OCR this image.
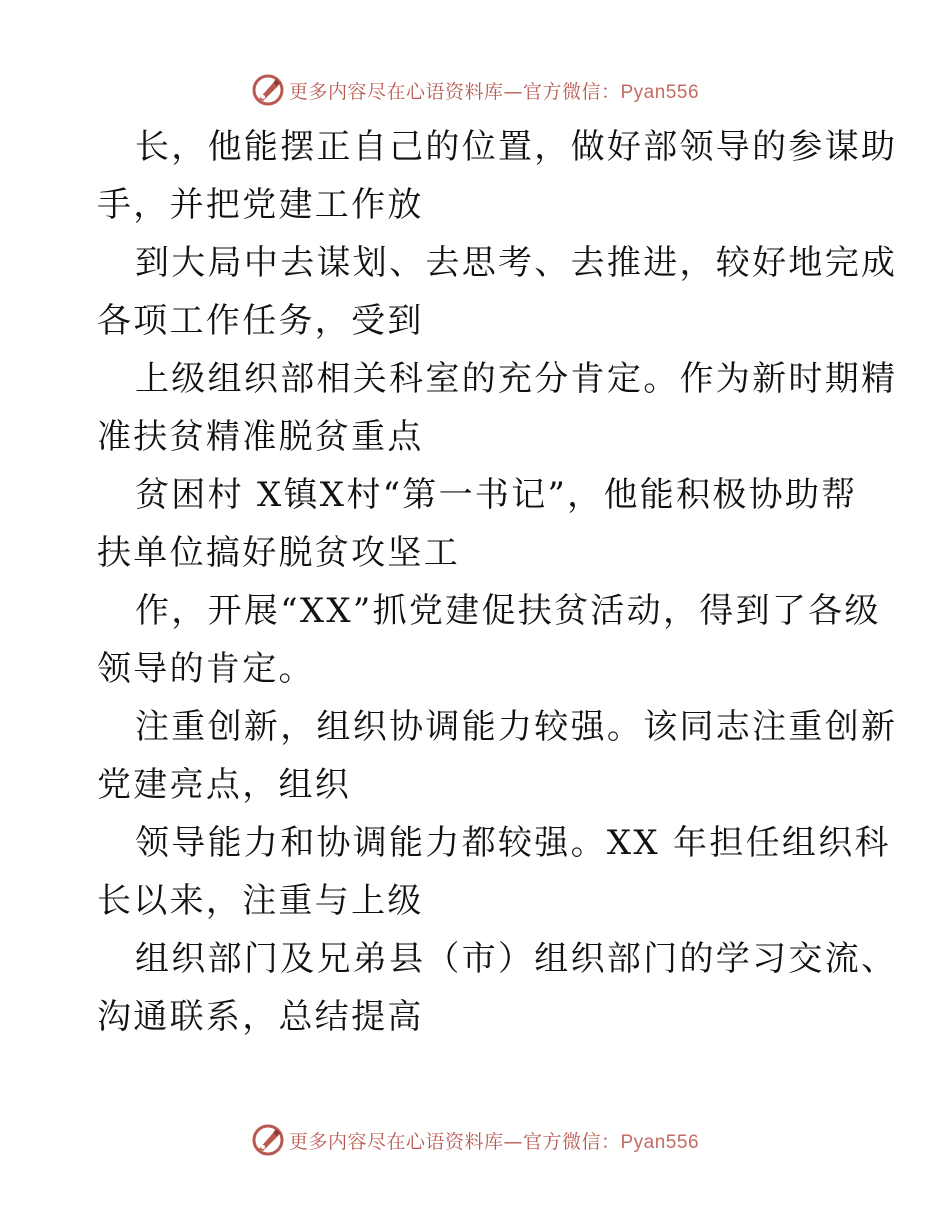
更多内容尽在心语资料库—官方微信：Pyan556
长，他能摆正自己的位置，做好部领导的参谋助
手，并把党建工作放
到大局中去谋划、去思考、去推进，较好地完成
各项工作任务，受到
上级组织部相关科室的充分肯定。作为新时期精
准扶贫精准脱贫重点
贫困村 X镇X村“第一书记”，他能积极协助帮
扶单位搞好脱贫攻坚工
作，开展“XX”抓党建促扶贫活动，得到了各级
领导的肯定。
注重创新，组织协调能力较强。该同志注重创新
党建亮点，组织
领导能力和协调能力都较强。XX 年担任组织科
长以来，注重与上级
组织部门及兄弟县（市）组织部门的学习交流、
沟通联系，总结提高
更多内容尽在心语资料库—官方微信：Pyan556
